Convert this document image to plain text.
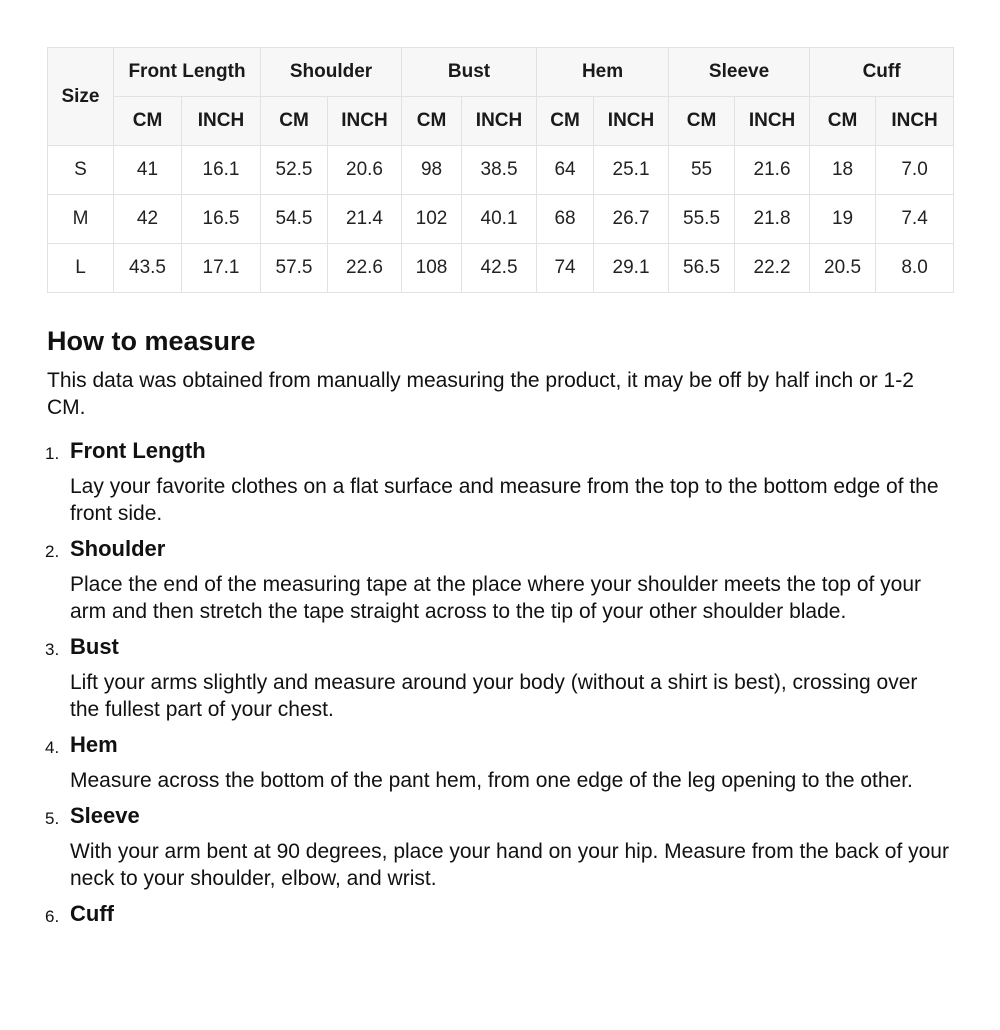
Size	Front Length		Shoulder		Bust		Hem		Sleeve		Cuff	
	CM	INCH	CM	INCH	CM	INCH	CM	INCH	CM	INCH	CM	INCH
S	41	16.1	52.5	20.6	98	38.5	64	25.1	55	21.6	18	7.0
M	42	16.5	54.5	21.4	102	40.1	68	26.7	55.5	21.8	19	7.4
L	43.5	17.1	57.5	22.6	108	42.5	74	29.1	56.5	22.2	20.5	8.0
How to measure

This data was obtained from manually measuring the product, it may be off by half inch or 1-2 CM.

1. Front Length

Lay your favorite clothes on a flat surface and measure from the top to the bottom edge of the front side.

2. Shoulder

Place the end of the measuring tape at the place where your shoulder meets the top of your arm and then stretch the tape straight across to the tip of your other shoulder blade.

3. Bust

Lift your arms slightly and measure around your body (without a shirt is best), crossing over the fullest part of your chest.

4. Hem

Measure across the bottom of the pant hem, from one edge of the leg opening to the other.

5. Sleeve

With your arm bent at 90 degrees, place your hand on your hip. Measure from the back of your neck to your shoulder, elbow, and wrist.

6. Cuff
